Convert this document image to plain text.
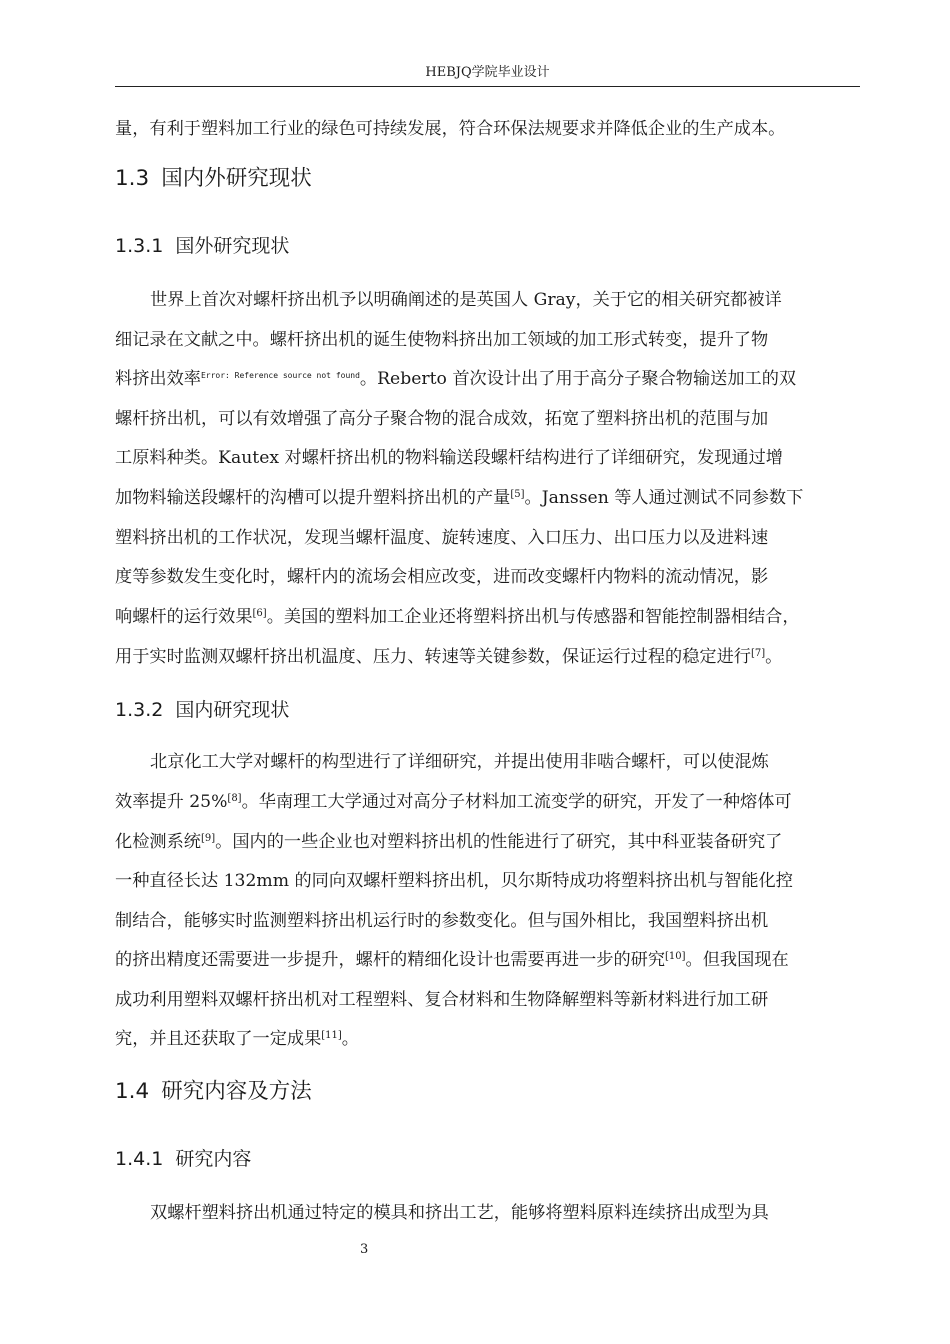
HEBJQ学院毕业设计
量，有利于塑料加工行业的绿色可持续发展，符合环保法规要求并降低企业的生产成本。
1.3 国内外研究现状
1.3.1 国外研究现状
世界上首次对螺杆挤出机予以明确阐述的是英国人 Gray，关于它的相关研究都被详
细记录在文献之中。螺杆挤出机的诞生使物料挤出加工领域的加工形式转变，提升了物
料挤出效率$^{Error: Reference source not found}$。Reberto 首次设计出了用于高分子聚合物输送加工的双
螺杆挤出机，可以有效增强了高分子聚合物的混合成效，拓宽了塑料挤出机的范围与加
工原料种类。Kautex 对螺杆挤出机的物料输送段螺杆结构进行了详细研究，发现通过增
加物料输送段螺杆的沟槽可以提升塑料挤出机的产量[5]。Janssen 等人通过测试不同参数下
塑料挤出机的工作状况，发现当螺杆温度、旋转速度、入口压力、出口压力以及进料速
度等参数发生变化时，螺杆内的流场会相应改变，进而改变螺杆内物料的流动情况，影
响螺杆的运行效果[6]。美国的塑料加工企业还将塑料挤出机与传感器和智能控制器相结合，
用于实时监测双螺杆挤出机温度、压力、转速等关键参数，保证运行过程的稳定进行[7]。
1.3.2 国内研究现状
北京化工大学对螺杆的构型进行了详细研究，并提出使用非啮合螺杆，可以使混炼
效率提升 25%[8]。华南理工大学通过对高分子材料加工流变学的研究，开发了一种熔体可
化检测系统[9]。国内的一些企业也对塑料挤出机的性能进行了研究，其中科亚装备研究了
一种直径长达 132mm 的同向双螺杆塑料挤出机，贝尔斯特成功将塑料挤出机与智能化控
制结合，能够实时监测塑料挤出机运行时的参数变化。但与国外相比，我国塑料挤出机
的挤出精度还需要进一步提升，螺杆的精细化设计也需要再进一步的研究[10]。但我国现在
成功利用塑料双螺杆挤出机对工程塑料、复合材料和生物降解塑料等新材料进行加工研
究，并且还获取了一定成果[11]。
1.4 研究内容及方法
1.4.1 研究内容
双螺杆塑料挤出机通过特定的模具和挤出工艺，能够将塑料原料连续挤出成型为具
3
